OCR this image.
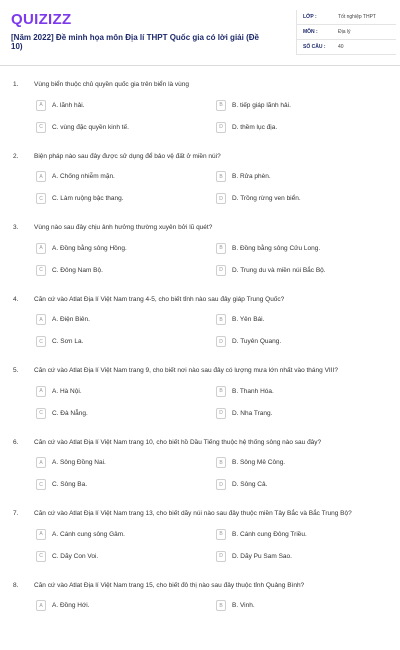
QUIZIZZ
[Năm 2022] Đề minh họa môn Địa lí THPT Quốc gia có lời giải (Đề 10)
LỚP :	Tốt nghiệp THPT
MÔN :	Địa lý
SỐ CÂU :	40
1. Vùng biển thuộc chủ quyền quốc gia trên biển là vùng
A	A. lãnh hải.	B	B. tiếp giáp lãnh hải.
C	C. vùng đặc quyền kinh tế.	D	D. thềm lục địa.
2. Biện pháp nào sau đây được sử dụng để bảo vệ đất ở miền núi?
A	A. Chống nhiễm mặn.	B	B. Rửa phèn.
C	C. Làm ruộng bậc thang.	D	D. Trồng rừng ven biển.
3. Vùng nào sau đây chịu ảnh hưởng thường xuyên bởi lũ quét?
A	A. Đồng bằng sông Hồng.	B	B. Đồng bằng sông Cửu Long.
C	C. Đông Nam Bộ.	D	D. Trung du và miền núi Bắc Bộ.
4. Căn cứ vào Atlat Địa lí Việt Nam trang 4-5, cho biết tỉnh nào sau đây giáp Trung Quốc?
A	A. Điện Biên.	B	B. Yên Bái.
C	C. Sơn La.	D	D. Tuyên Quang.
5. Căn cứ vào Atlat Địa lí Việt Nam trang 9, cho biết nơi nào sau đây có lượng mưa lớn nhất vào tháng VIII?
A	A. Hà Nội.	B	B. Thanh Hóa.
C	C. Đà Nẵng.	D	D. Nha Trang.
6. Căn cứ vào Atlat Địa lí Việt Nam trang 10, cho biết hồ Dầu Tiếng thuộc hệ thống sông nào sau đây?
A	A. Sông Đồng Nai.	B	B. Sông Mê Công.
C	C. Sông Ba.	D	D. Sông Cả.
7. Căn cứ vào Atlat Địa lí Việt Nam trang 13, cho biết dãy núi nào sau đây thuộc miền Tây Bắc và Bắc Trung Bộ?
A	A. Cánh cung sông Gâm.	B	B. Cánh cung Đông Triều.
C	C. Dãy Con Voi.	D	D. Dãy Pu Sam Sao.
8. Căn cứ vào Atlat Địa lí Việt Nam trang 15, cho biết đô thị nào sau đây thuộc tỉnh Quảng Bình?
A	A. Đồng Hới.	B	B. Vinh.
